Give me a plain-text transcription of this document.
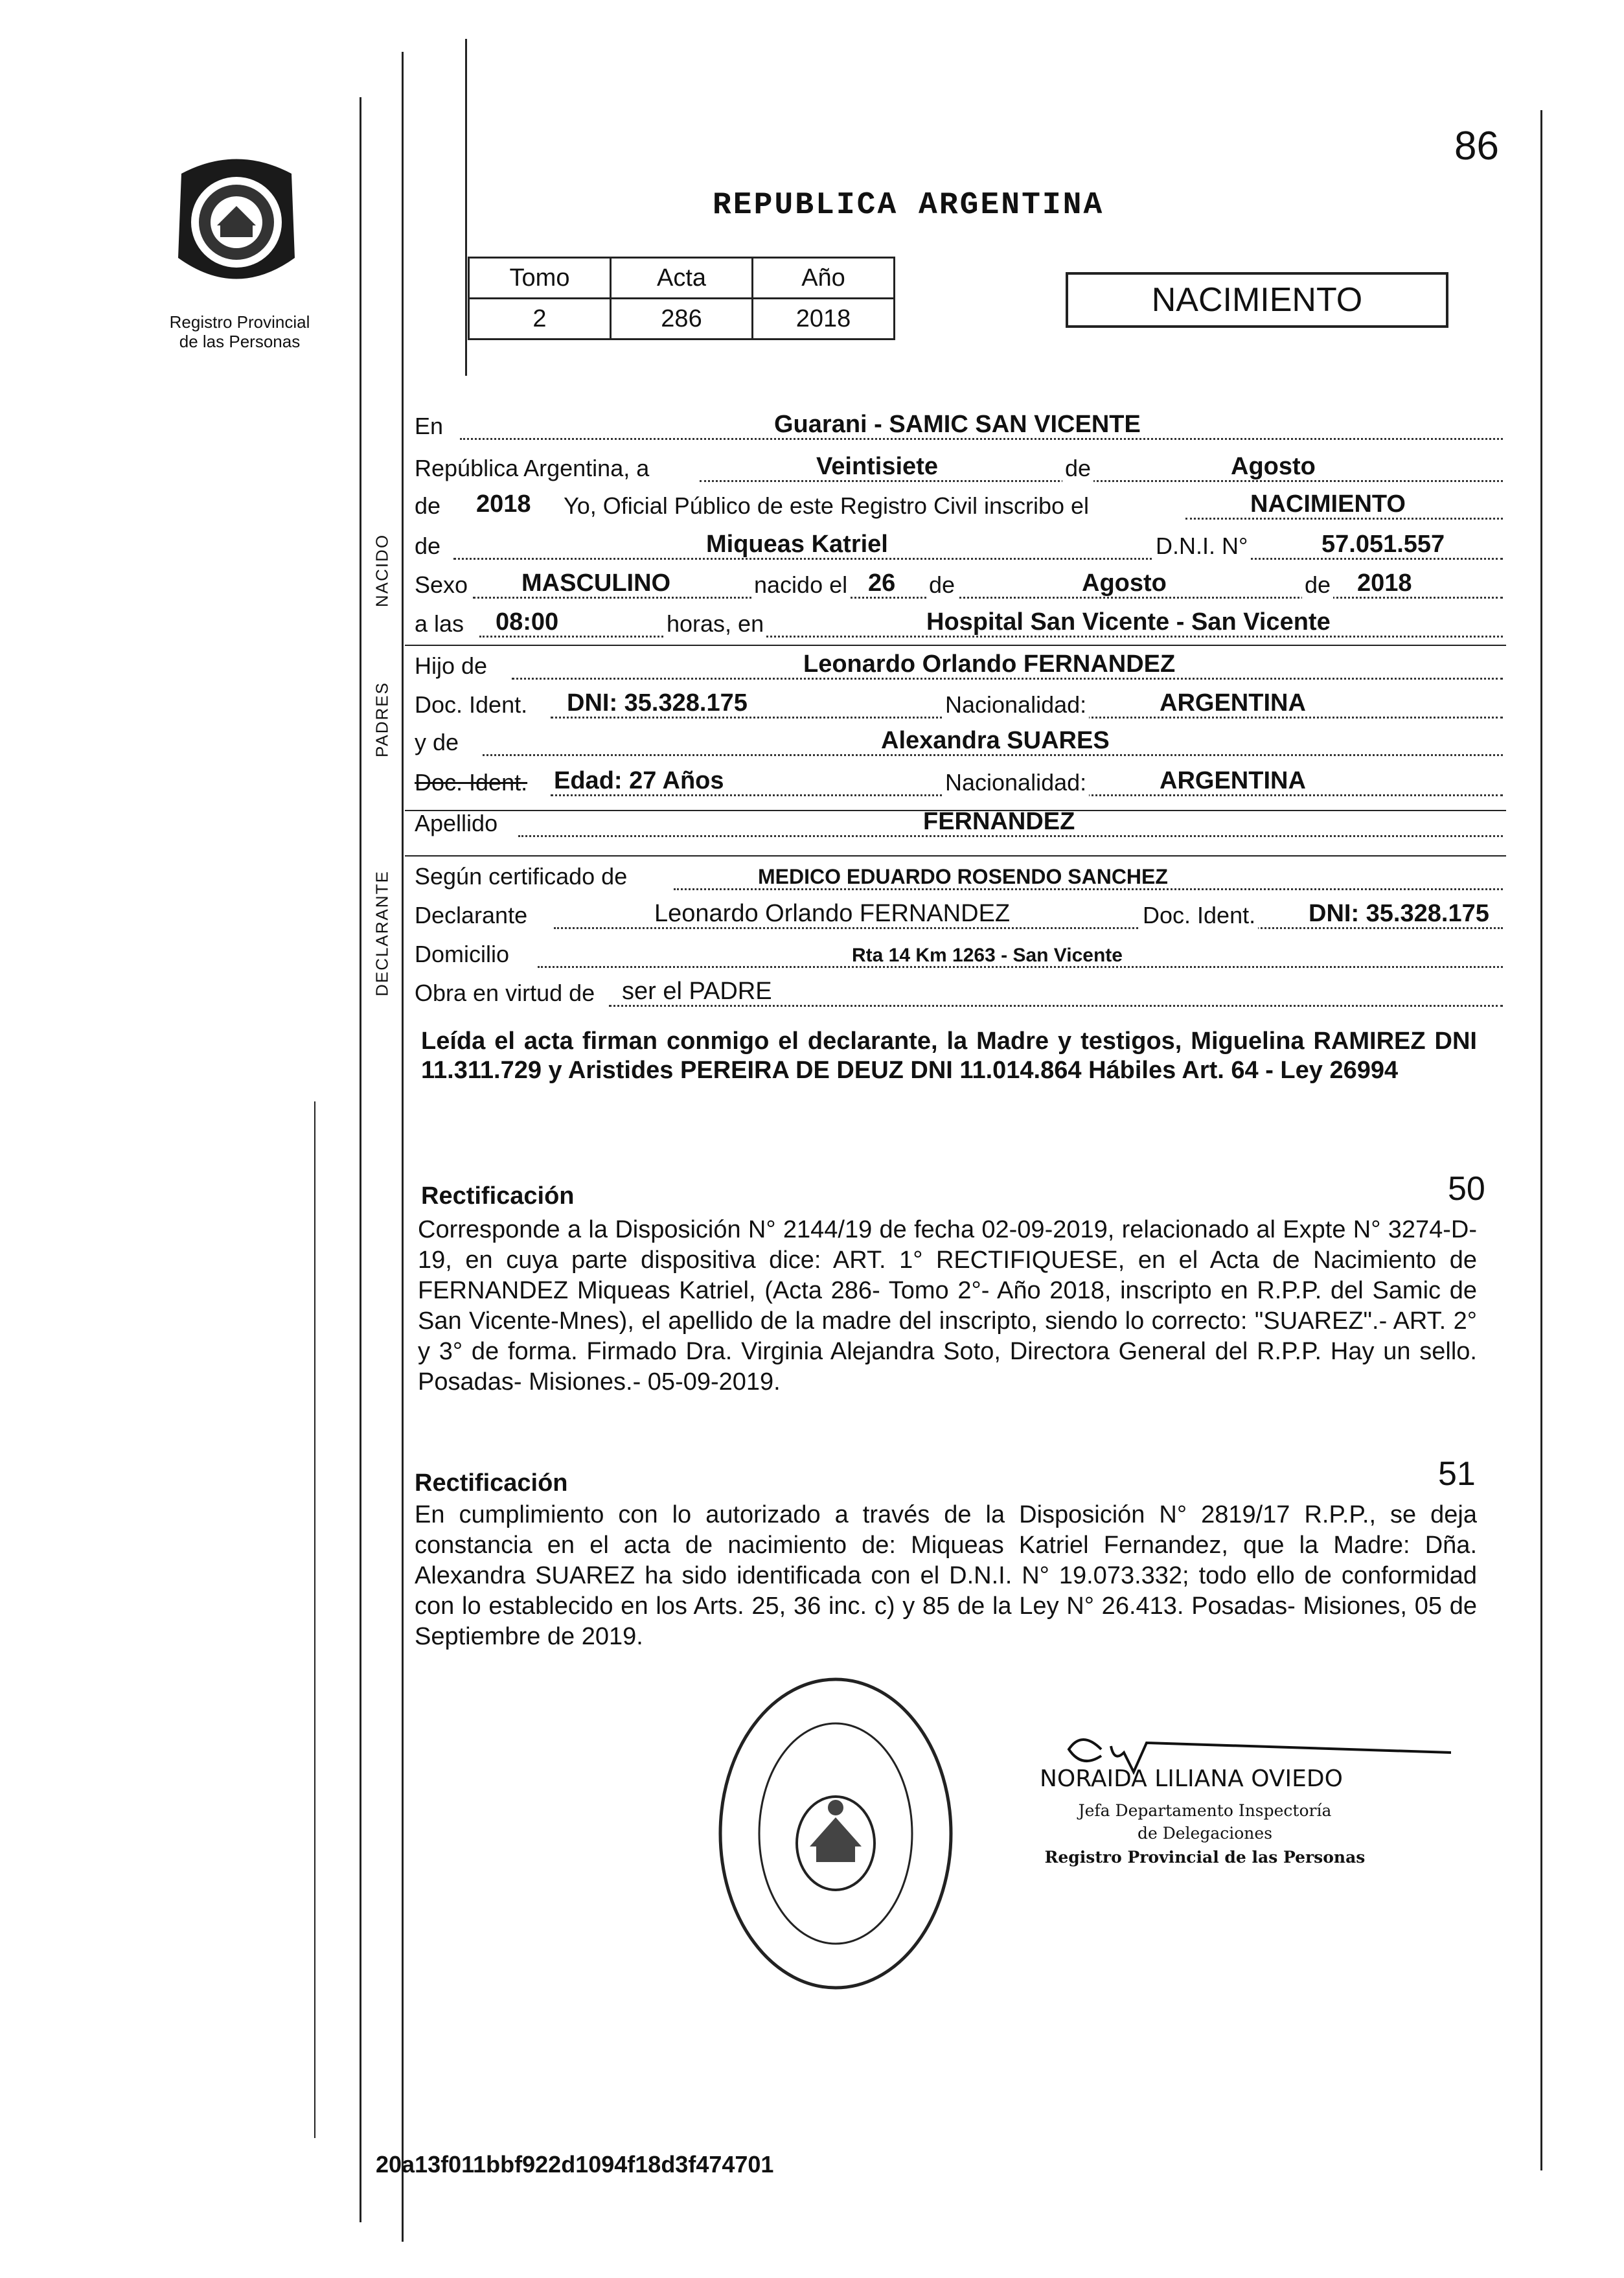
Registro Provincial
de las Personas
86
REPUBLICA ARGENTINA
Tomo	Acta	Año
2	286	2018	NACIMIENTO
NACIDO
PADRES
DECLARANTE
En	Guarani - SAMIC SAN VICENTE
República Argentina, a	Veintisiete	de	Agosto
de 2018 Yo, Oficial Público de este Registro Civil inscribo el	NACIMIENTO
de	Miqueas Katriel	D.N.I. N°	57.051.557
Sexo MASCULINO	nacido el 26 de	Agosto	de 2018
a las 08:00	horas, en	Hospital San Vicente - San Vicente
Hijo de	Leonardo Orlando FERNANDEZ
Doc. Ident. DNI: 35.328.175	Nacionalidad:	ARGENTINA
y de	Alexandra SUARES
Doc. Ident. Edad: 27 Años	Nacionalidad:	ARGENTINA
Apellido	FERNANDEZ
Según certificado de	MEDICO EDUARDO ROSENDO SANCHEZ
Declarante	Leonardo Orlando FERNANDEZ	Doc. Ident. DNI: 35.328.175
Domicilio	Rta 14 Km 1263 - San Vicente
Obra en virtud de ser el PADRE
Leída el acta firman conmigo el declarante, la Madre y testigos, Miguelina RAMIREZ DNI 11.311.729 y Aristides PEREIRA DE DEUZ DNI 11.014.864 Hábiles Art. 64 - Ley 26994
Rectificación	50
Corresponde a la Disposición N° 2144/19 de fecha 02-09-2019, relacionado al Expte N° 3274-D-19, en cuya parte dispositiva dice: ART. 1° RECTIFIQUESE, en el Acta de Nacimiento de FERNANDEZ Miqueas Katriel, (Acta 286- Tomo 2°- Año 2018, inscripto en R.P.P. del Samic de San Vicente-Mnes), el apellido de la madre del inscripto, siendo lo correcto: "SUAREZ".- ART. 2° y 3° de forma. Firmado Dra. Virginia Alejandra Soto, Directora General del R.P.P. Hay un sello. Posadas- Misiones.- 05-09-2019.
Rectificación	51
En cumplimiento con lo autorizado a través de la Disposición N° 2819/17 R.P.P., se deja constancia en el acta de nacimiento de: Miqueas Katriel Fernandez, que la Madre: Dña. Alexandra SUAREZ ha sido identificada con el D.N.I. N° 19.073.332; todo ello de conformidad con lo establecido en los Arts. 25, 36 inc. c) y 85 de la Ley N° 26.413. Posadas- Misiones, 05 de Septiembre de 2019.
NORAIDA LILIANA OVIEDO
Jefa Departamento Inspectoría
de Delegaciones
Registro Provincial de las Personas
20a13f011bbf922d1094f18d3f474701
